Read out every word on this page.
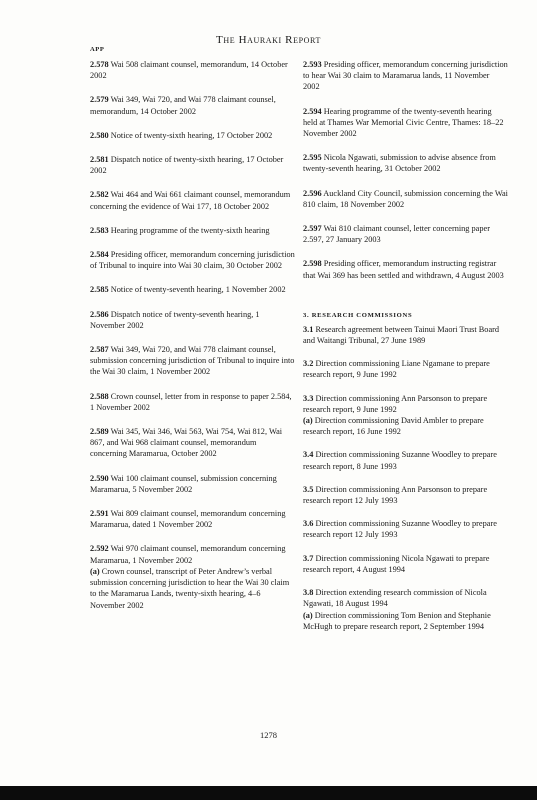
The Hauraki Report
APP
2.578 Wai 508 claimant counsel, memorandum, 14 October 2002
2.579 Wai 349, Wai 720, and Wai 778 claimant counsel, memorandum, 14 October 2002
2.580 Notice of twenty-sixth hearing, 17 October 2002
2.581 Dispatch notice of twenty-sixth hearing, 17 October 2002
2.582 Wai 464 and Wai 661 claimant counsel, memorandum concerning the evidence of Wai 177, 18 October 2002
2.583 Hearing programme of the twenty-sixth hearing
2.584 Presiding officer, memorandum concerning jurisdiction of Tribunal to inquire into Wai 30 claim, 30 October 2002
2.585 Notice of twenty-seventh hearing, 1 November 2002
2.586 Dispatch notice of twenty-seventh hearing, 1 November 2002
2.587 Wai 349, Wai 720, and Wai 778 claimant counsel, submission concerning jurisdiction of Tribunal to inquire into the Wai 30 claim, 1 November 2002
2.588 Crown counsel, letter from in response to paper 2.584, 1 November 2002
2.589 Wai 345, Wai 346, Wai 563, Wai 754, Wai 812, Wai 867, and Wai 968 claimant counsel, memorandum concerning Maramarua, October 2002
2.590 Wai 100 claimant counsel, submission concerning Maramarua, 5 November 2002
2.591 Wai 809 claimant counsel, memorandum concerning Maramarua, dated 1 November 2002
2.592 Wai 970 claimant counsel, memorandum concerning Maramarua, 1 November 2002
(a) Crown counsel, transcript of Peter Andrew’s verbal submission concerning jurisdiction to hear the Wai 30 claim to the Maramarua Lands, twenty-sixth hearing, 4–6 November 2002
2.593 Presiding officer, memorandum concerning jurisdiction to hear Wai 30 claim to Maramarua lands, 11 November 2002
2.594 Hearing programme of the twenty-seventh hearing held at Thames War Memorial Civic Centre, Thames: 18–22 November 2002
2.595 Nicola Ngawati, submission to advise absence from twenty-seventh hearing, 31 October 2002
2.596 Auckland City Council, submission concerning the Wai 810 claim, 18 November 2002
2.597 Wai 810 claimant counsel, letter concerning paper 2.597, 27 January 2003
2.598 Presiding officer, memorandum instructing registrar that Wai 369 has been settled and withdrawn, 4 August 2003
3. RESEARCH COMMISSIONS
3.1 Research agreement between Tainui Maori Trust Board and Waitangi Tribunal, 27 June 1989
3.2 Direction commissioning Liane Ngamane to prepare research report, 9 June 1992
3.3 Direction commissioning Ann Parsonson to prepare research report, 9 June 1992
(a) Direction commissioning David Ambler to prepare research report, 16 June 1992
3.4 Direction commissioning Suzanne Woodley to prepare research report, 8 June 1993
3.5 Direction commissioning Ann Parsonson to prepare research report 12 July 1993
3.6 Direction commissioning Suzanne Woodley to prepare research report 12 July 1993
3.7 Direction commissioning Nicola Ngawati to prepare research report, 4 August 1994
3.8 Direction extending research commission of Nicola Ngawati, 18 August 1994
(a) Direction commissioning Tom Benion and Stephanie McHugh to prepare research report, 2 September 1994
1278
